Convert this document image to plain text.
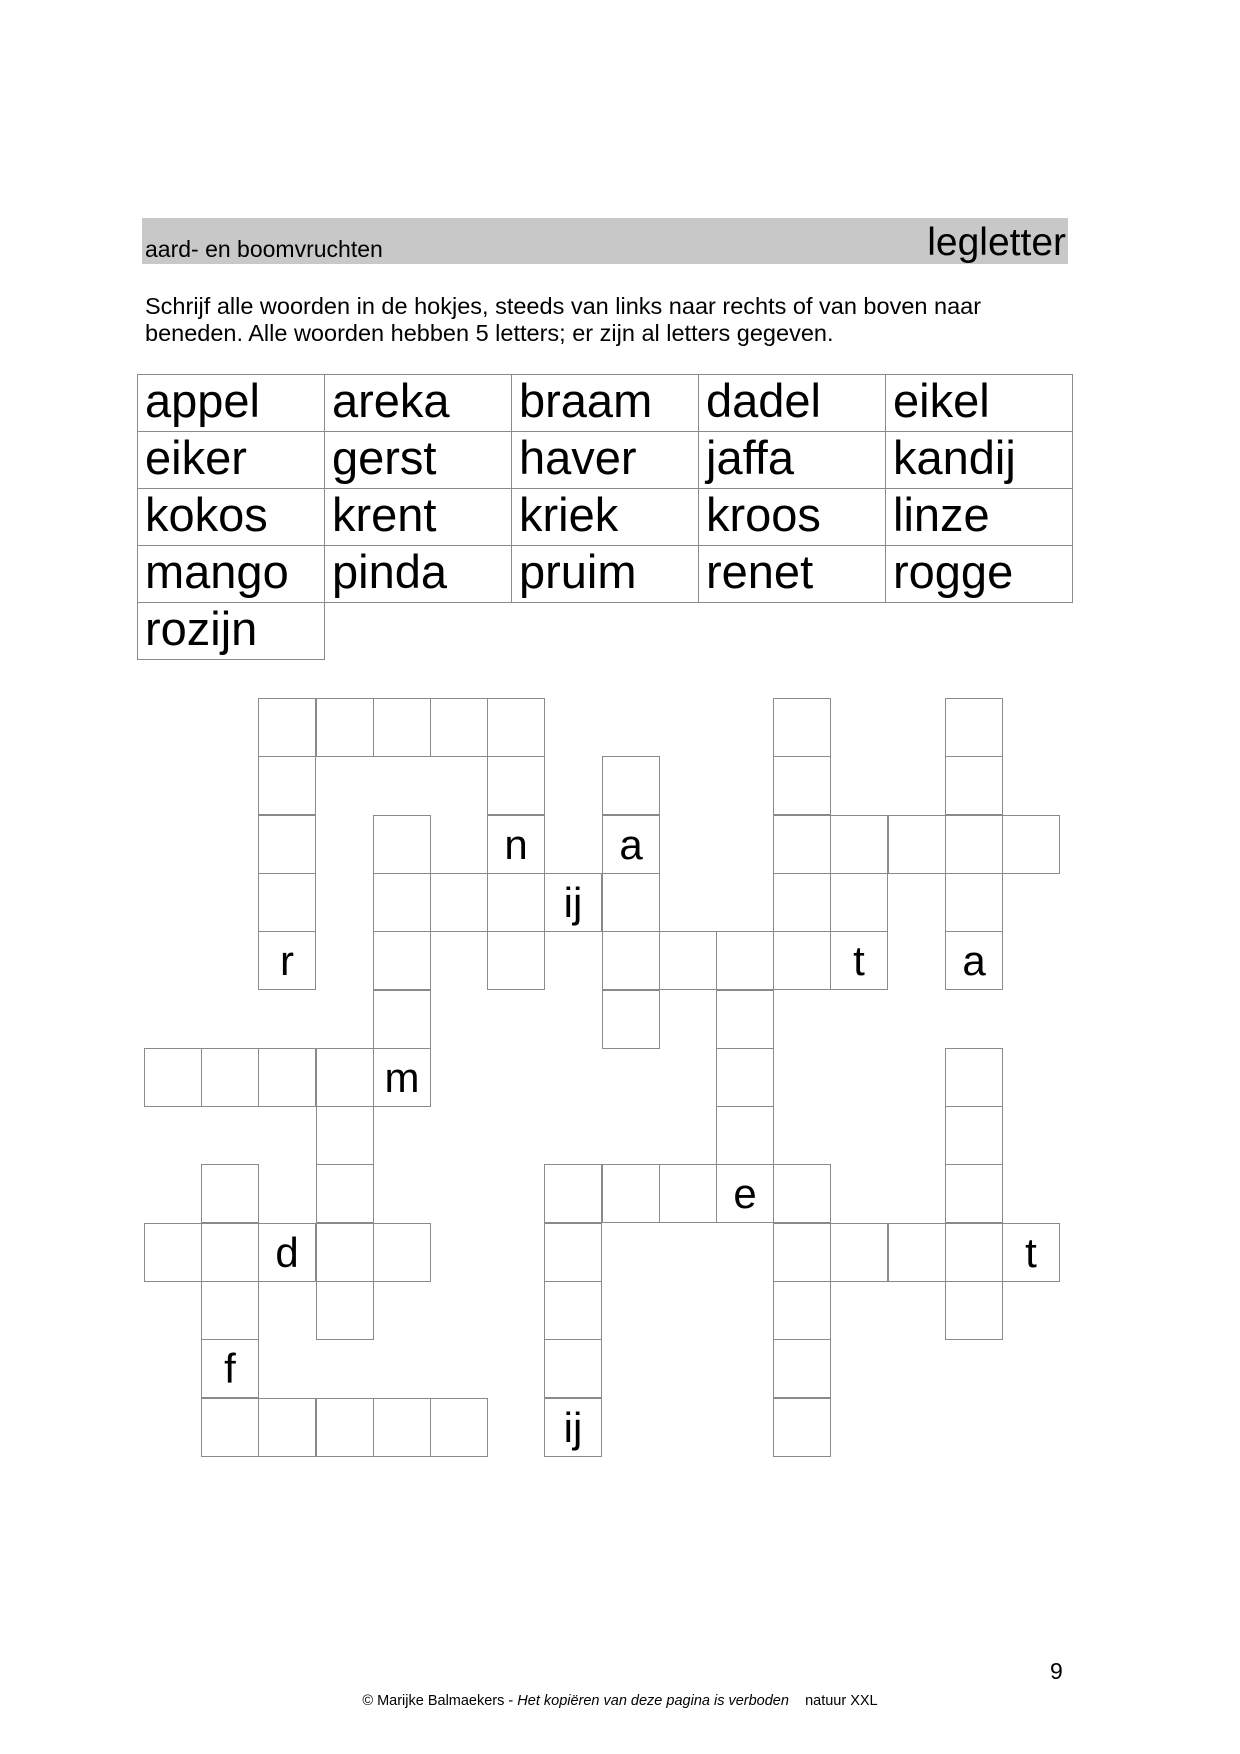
aard- en boomvruchten	legletter
Schrijf alle woorden in de hokjes, steeds van links naar rechts of van boven naar beneden. Alle woorden hebben 5 letters; er zijn al letters gegeven.
appel	areka	braam	dadel	eikel
eiker	gerst	haver	jaffa	kandij
kokos	krent	kriek	kroos	linze
mango pinda	pruim	renet	rogge
rozijn
n	a
ij
r	t	a
m
e
d	t
f
ij
9
© Marijke Balmaekers - Het kopiëren van deze pagina is verboden natuur XXL
